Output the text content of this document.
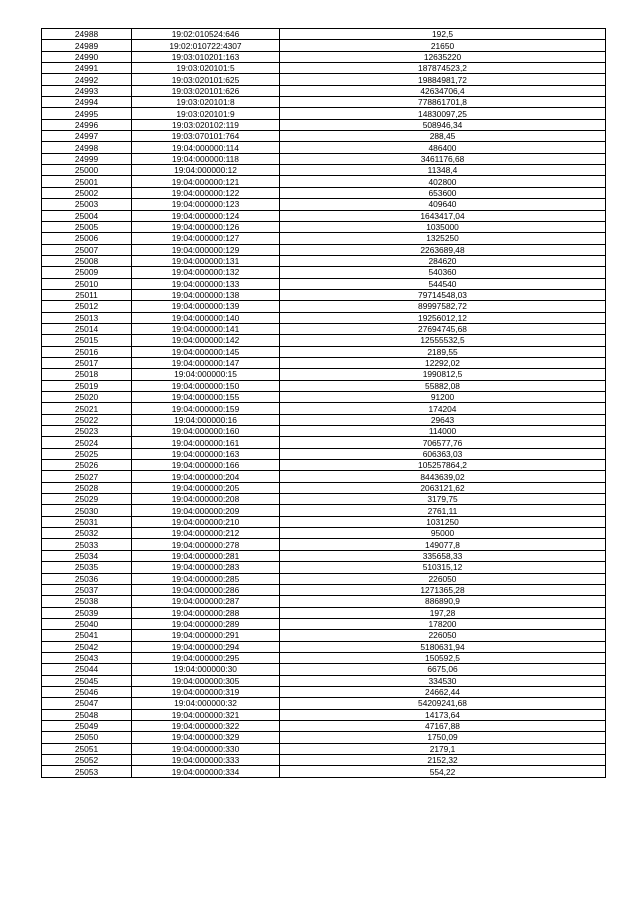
24988	19:02:010524:646	192,5
24989	19:02:010722:4307	21650
24990	19:03:010201:163	12635220
24991	19:03:020101:5	187874523,2
24992	19:03:020101:625	19884981,72
24993	19:03:020101:626	42634706,4
24994	19:03:020101:8	778861701,8
24995	19:03:020101:9	14830097,25
24996	19:03:020102:119	508946,34
24997	19:03:070101:764	288,45
24998	19:04:000000:114	486400
24999	19:04:000000:118	3461176,68
25000	19:04:000000:12	11348,4
25001	19:04:000000:121	402800
25002	19:04:000000:122	653600
25003	19:04:000000:123	409640
25004	19:04:000000:124	1643417,04
25005	19:04:000000:126	1035000
25006	19:04:000000:127	1325250
25007	19:04:000000:129	2263689,48
25008	19:04:000000:131	284620
25009	19:04:000000:132	540360
25010	19:04:000000:133	544540
25011	19:04:000000:138	79714548,03
25012	19:04:000000:139	89997582,72
25013	19:04:000000:140	19256012,12
25014	19:04:000000:141	27694745,68
25015	19:04:000000:142	12555532,5
25016	19:04:000000:145	2189,55
25017	19:04:000000:147	12292,02
25018	19:04:000000:15	1990812,5
25019	19:04:000000:150	55882,08
25020	19:04:000000:155	91200
25021	19:04:000000:159	174204
25022	19:04:000000:16	29643
25023	19:04:000000:160	114000
25024	19:04:000000:161	706577,76
25025	19:04:000000:163	606363,03
25026	19:04:000000:166	105257864,2
25027	19:04:000000:204	8443639,02
25028	19:04:000000:205	2063121,62
25029	19:04:000000:208	3179,75
25030	19:04:000000:209	2761,11
25031	19:04:000000:210	1031250
25032	19:04:000000:212	95000
25033	19:04:000000:278	149077,8
25034	19:04:000000:281	335658,33
25035	19:04:000000:283	510315,12
25036	19:04:000000:285	226050
25037	19:04:000000:286	1271365,28
25038	19:04:000000:287	886890,9
25039	19:04:000000:288	197,28
25040	19:04:000000:289	178200
25041	19:04:000000:291	226050
25042	19:04:000000:294	5180631,94
25043	19:04:000000:295	150592,5
25044	19:04:000000:30	6675,06
25045	19:04:000000:305	334530
25046	19:04:000000:319	24662,44
25047	19:04:000000:32	54209241,68
25048	19:04:000000:321	14173,64
25049	19:04:000000:322	47167,88
25050	19:04:000000:329	1750,09
25051	19:04:000000:330	2179,1
25052	19:04:000000:333	2152,32
25053	19:04:000000:334	554,22
